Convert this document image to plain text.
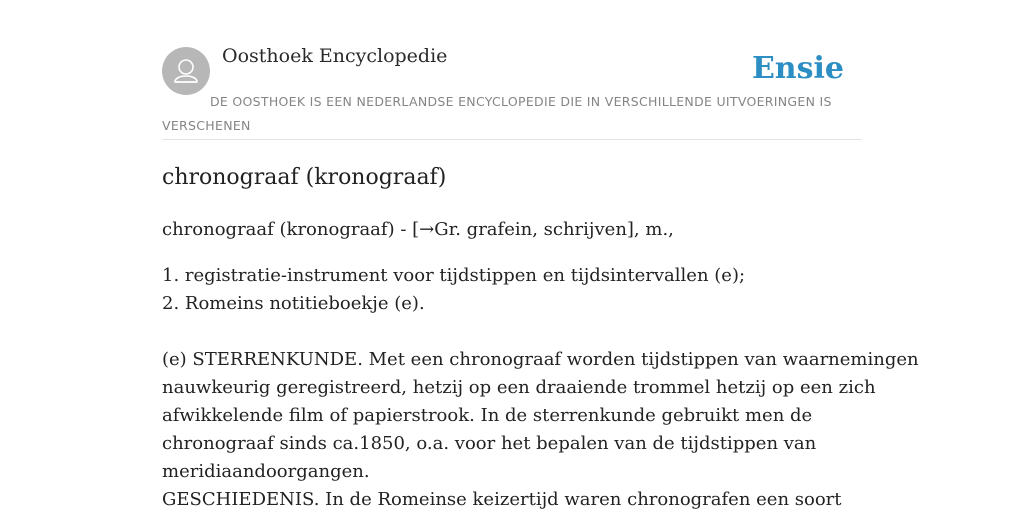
Oosthoek Encyclopedie	Ensie

DE OOSTHOEK IS EEN NEDERLANDSE ENCYCLOPEDIE DIE IN VERSCHILLENDE UITVOERINGEN IS VERSCHENEN

chronograaf (kronograaf)

chronograaf (kronograaf) - [→Gr. grafein, schrijven], m.,

1. registratie-instrument voor tijdstippen en tijdsintervallen (e);
2. Romeins notitieboekje (e).

(e) STERRENKUNDE. Met een chronograaf worden tijdstippen van waarnemingen
nauwkeurig geregistreerd, hetzij op een draaiende trommel hetzij op een zich
afwikkelende film of papierstrook. In de sterrenkunde gebruikt men de
chronograaf sinds ca.1850, o.a. voor het bepalen van de tijdstippen van
meridiaandoorgangen.
GESCHIEDENIS. In de Romeinse keizertijd waren chronografen een soort
